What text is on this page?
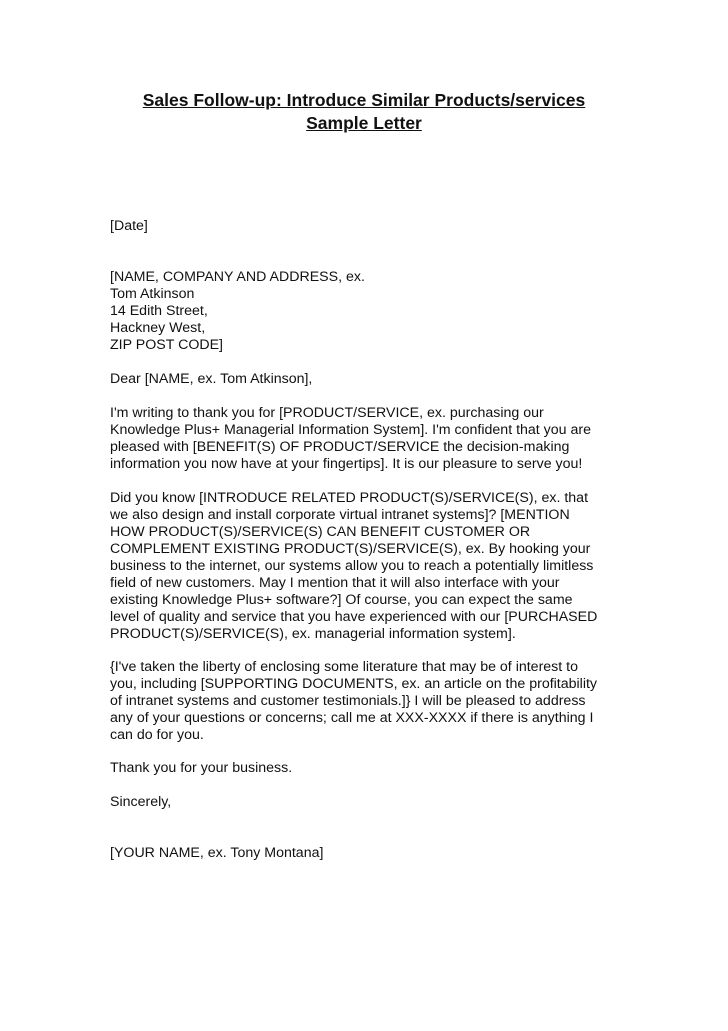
Sales Follow-up: Introduce Similar Products/services
Sample Letter
[Date]
[NAME, COMPANY AND ADDRESS, ex.
Tom Atkinson
14 Edith Street,
Hackney West,
ZIP POST CODE]
Dear [NAME, ex. Tom Atkinson],
I'm writing to thank you for [PRODUCT/SERVICE, ex. purchasing our
Knowledge Plus+ Managerial Information System]. I'm confident that you are
pleased with [BENEFIT(S) OF PRODUCT/SERVICE the decision-making
information you now have at your fingertips]. It is our pleasure to serve you!
Did you know [INTRODUCE RELATED PRODUCT(S)/SERVICE(S), ex. that
we also design and install corporate virtual intranet systems]? [MENTION
HOW PRODUCT(S)/SERVICE(S) CAN BENEFIT CUSTOMER OR
COMPLEMENT EXISTING PRODUCT(S)/SERVICE(S), ex. By hooking your
business to the internet, our systems allow you to reach a potentially limitless
field of new customers. May I mention that it will also interface with your
existing Knowledge Plus+ software?] Of course, you can expect the same
level of quality and service that you have experienced with our [PURCHASED
PRODUCT(S)/SERVICE(S), ex. managerial information system].
{I've taken the liberty of enclosing some literature that may be of interest to
you, including [SUPPORTING DOCUMENTS, ex. an article on the profitability
of intranet systems and customer testimonials.]} I will be pleased to address
any of your questions or concerns; call me at XXX-XXXX if there is anything I
can do for you.
Thank you for your business.
Sincerely,
[YOUR NAME, ex. Tony Montana]
